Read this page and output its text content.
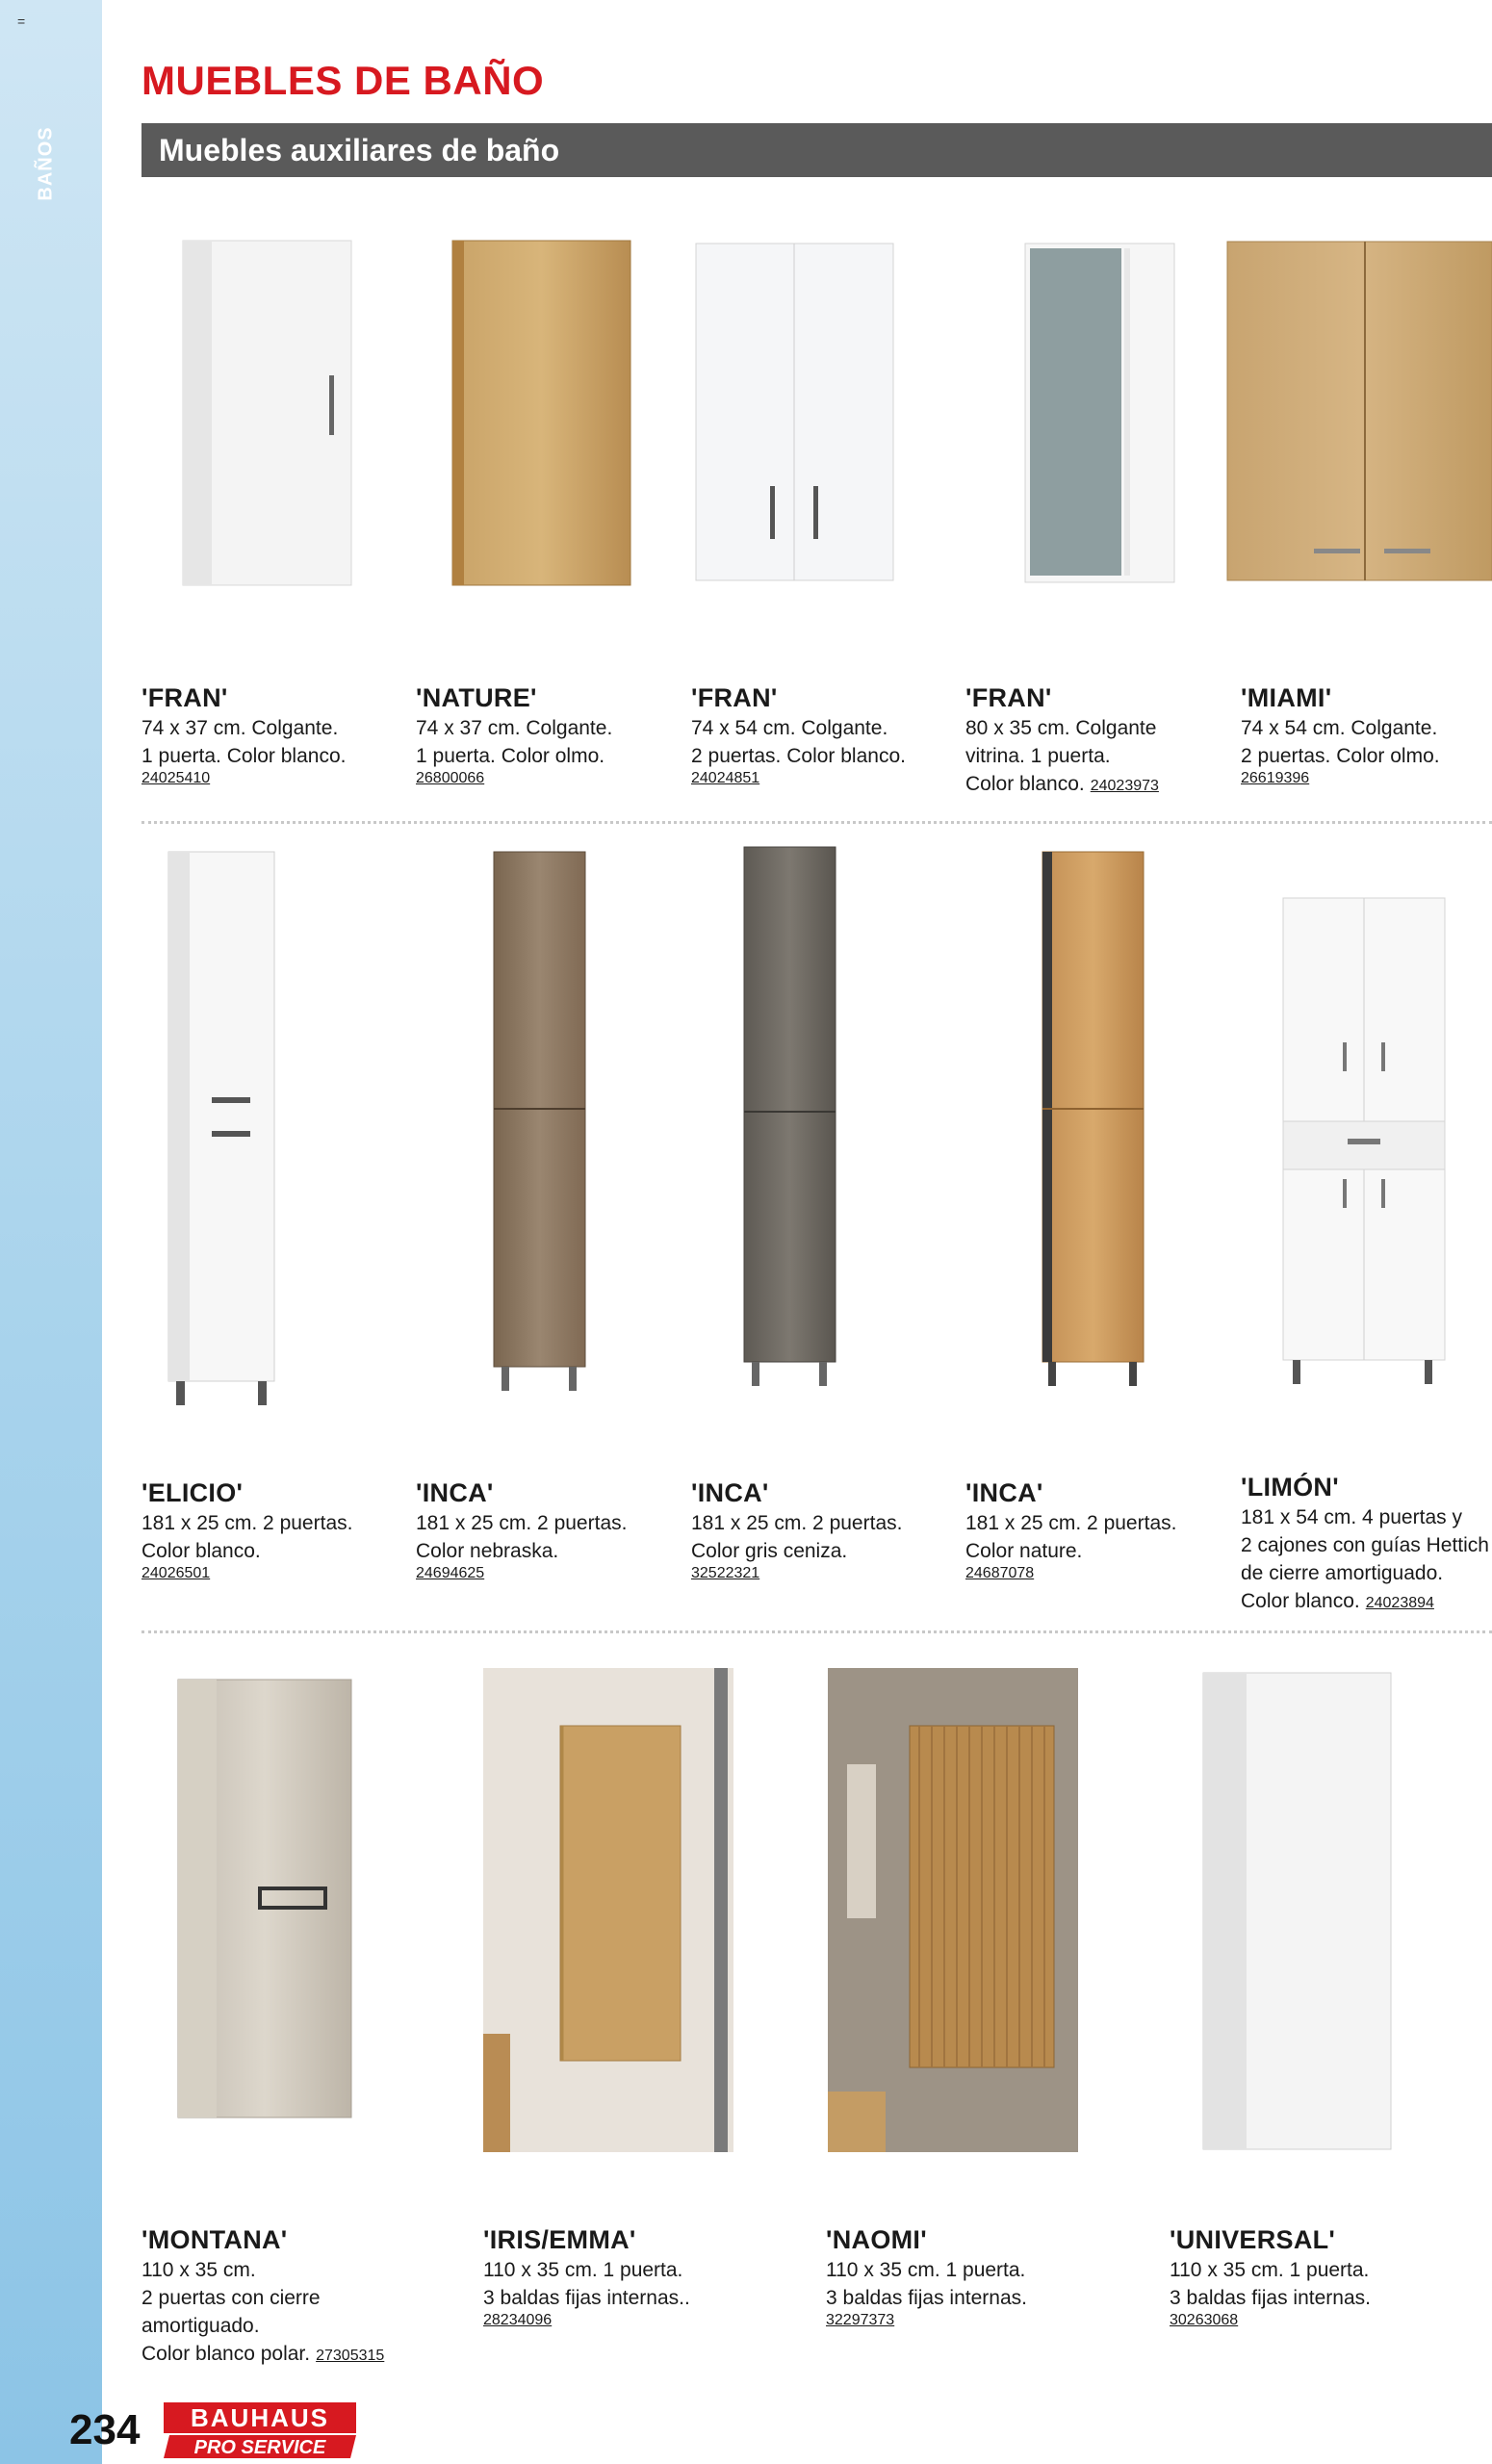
BAÑOS
=
MUEBLES DE BAÑO
Muebles auxiliares de baño
'FRAN'
74 x 37 cm. Colgante.
1 puerta. Color blanco.
24025410
'NATURE'
74 x 37 cm. Colgante.
1 puerta. Color olmo.
26800066
'FRAN'
74 x 54 cm. Colgante.
2 puertas. Color blanco.
24024851
'FRAN'
80 x 35 cm. Colgante
vitrina. 1 puerta.
Color blanco. 24023973
'MIAMI'
74 x 54 cm. Colgante.
2 puertas. Color olmo.
26619396
'ELICIO'
181 x 25 cm. 2 puertas.
Color blanco.
24026501
'INCA'
181 x 25 cm. 2 puertas.
Color nebraska.
24694625
'INCA'
181 x 25 cm. 2 puertas.
Color gris ceniza.
32522321
'INCA'
181 x 25 cm. 2 puertas.
Color nature.
24687078
'LIMÓN'
181 x 54 cm. 4 puertas y
2 cajones con guías Hettich
de cierre amortiguado.
Color blanco. 24023894
'MONTANA'
110 x 35 cm.
2 puertas con cierre
amortiguado.
Color blanco polar. 27305315
'IRIS/EMMA'
110 x 35 cm. 1 puerta.
3 baldas fijas internas..
28234096
'NAOMI'
110 x 35 cm. 1 puerta.
3 baldas fijas internas.
32297373
'UNIVERSAL'
110 x 35 cm. 1 puerta.
3 baldas fijas internas.
30263068
234 BAUHAUS
PRO SERVICE
